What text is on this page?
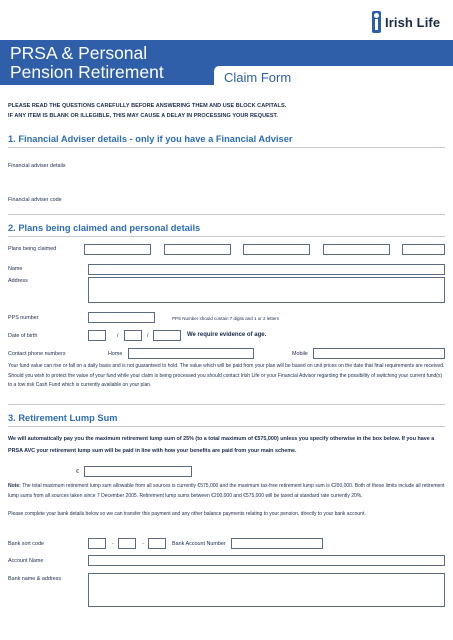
Irish Life
PRSA & Personal
Pension Retirement	Claim Form
PLEASE READ THE QUESTIONS CAREFULLY BEFORE ANSWERING THEM AND USE BLOCK CAPITALS.
IF ANY ITEM IS BLANK OR ILLEGIBLE, THIS MAY CAUSE A DELAY IN PROCESSING YOUR REQUEST.
1. Financial Adviser details - only if you have a Financial Adviser
Financial adviser details
Financial adviser code
2. Plans being claimed and personal details
Plans being claimed
Name
Address
PPS number	PPS Number should contain 7 digits and 1 or 2 letters
Date of birth	/	/	We require evidence of age.
Contact phone numbers	Home	Mobile
Your fund value can rise or fall on a daily basis and is not guaranteed to hold. The value which will be paid from your plan will be based on unit prices on the date that final requirements are received. Should you wish to protect the value of your fund while your claim is being processed you should contact Irish Life or your Financial Advisor regarding the possibility of switching your current fund(s) to a low risk Cash Fund which is currently available on your plan.
3. Retirement Lump Sum
We will automatically pay you the maximum retirement lump sum of 25% (to a total maximum of €575,000) unless you specify otherwise in the box below. If you have a PRSA AVC your retirement lump sum will be paid in line with how your benefits are paid from your main scheme.
€
Note: The total maximum retirement lump sum allowable from all sources is currently €575,000 and the maximum tax-free retirement lump sum is €200,000. Both of these limits include all retirement lump sums from all sources taken since 7 December 2005. Retirement lump sums between €200,000 and €575,000 will be taxed at standard rate currently 20%.
Please complete your bank details below so we can transfer this payment and any other balance payments relating to your pension, directly to your bank account.
Bank sort code	-	-	Bank Account Number
Account Name
Bank name & address
